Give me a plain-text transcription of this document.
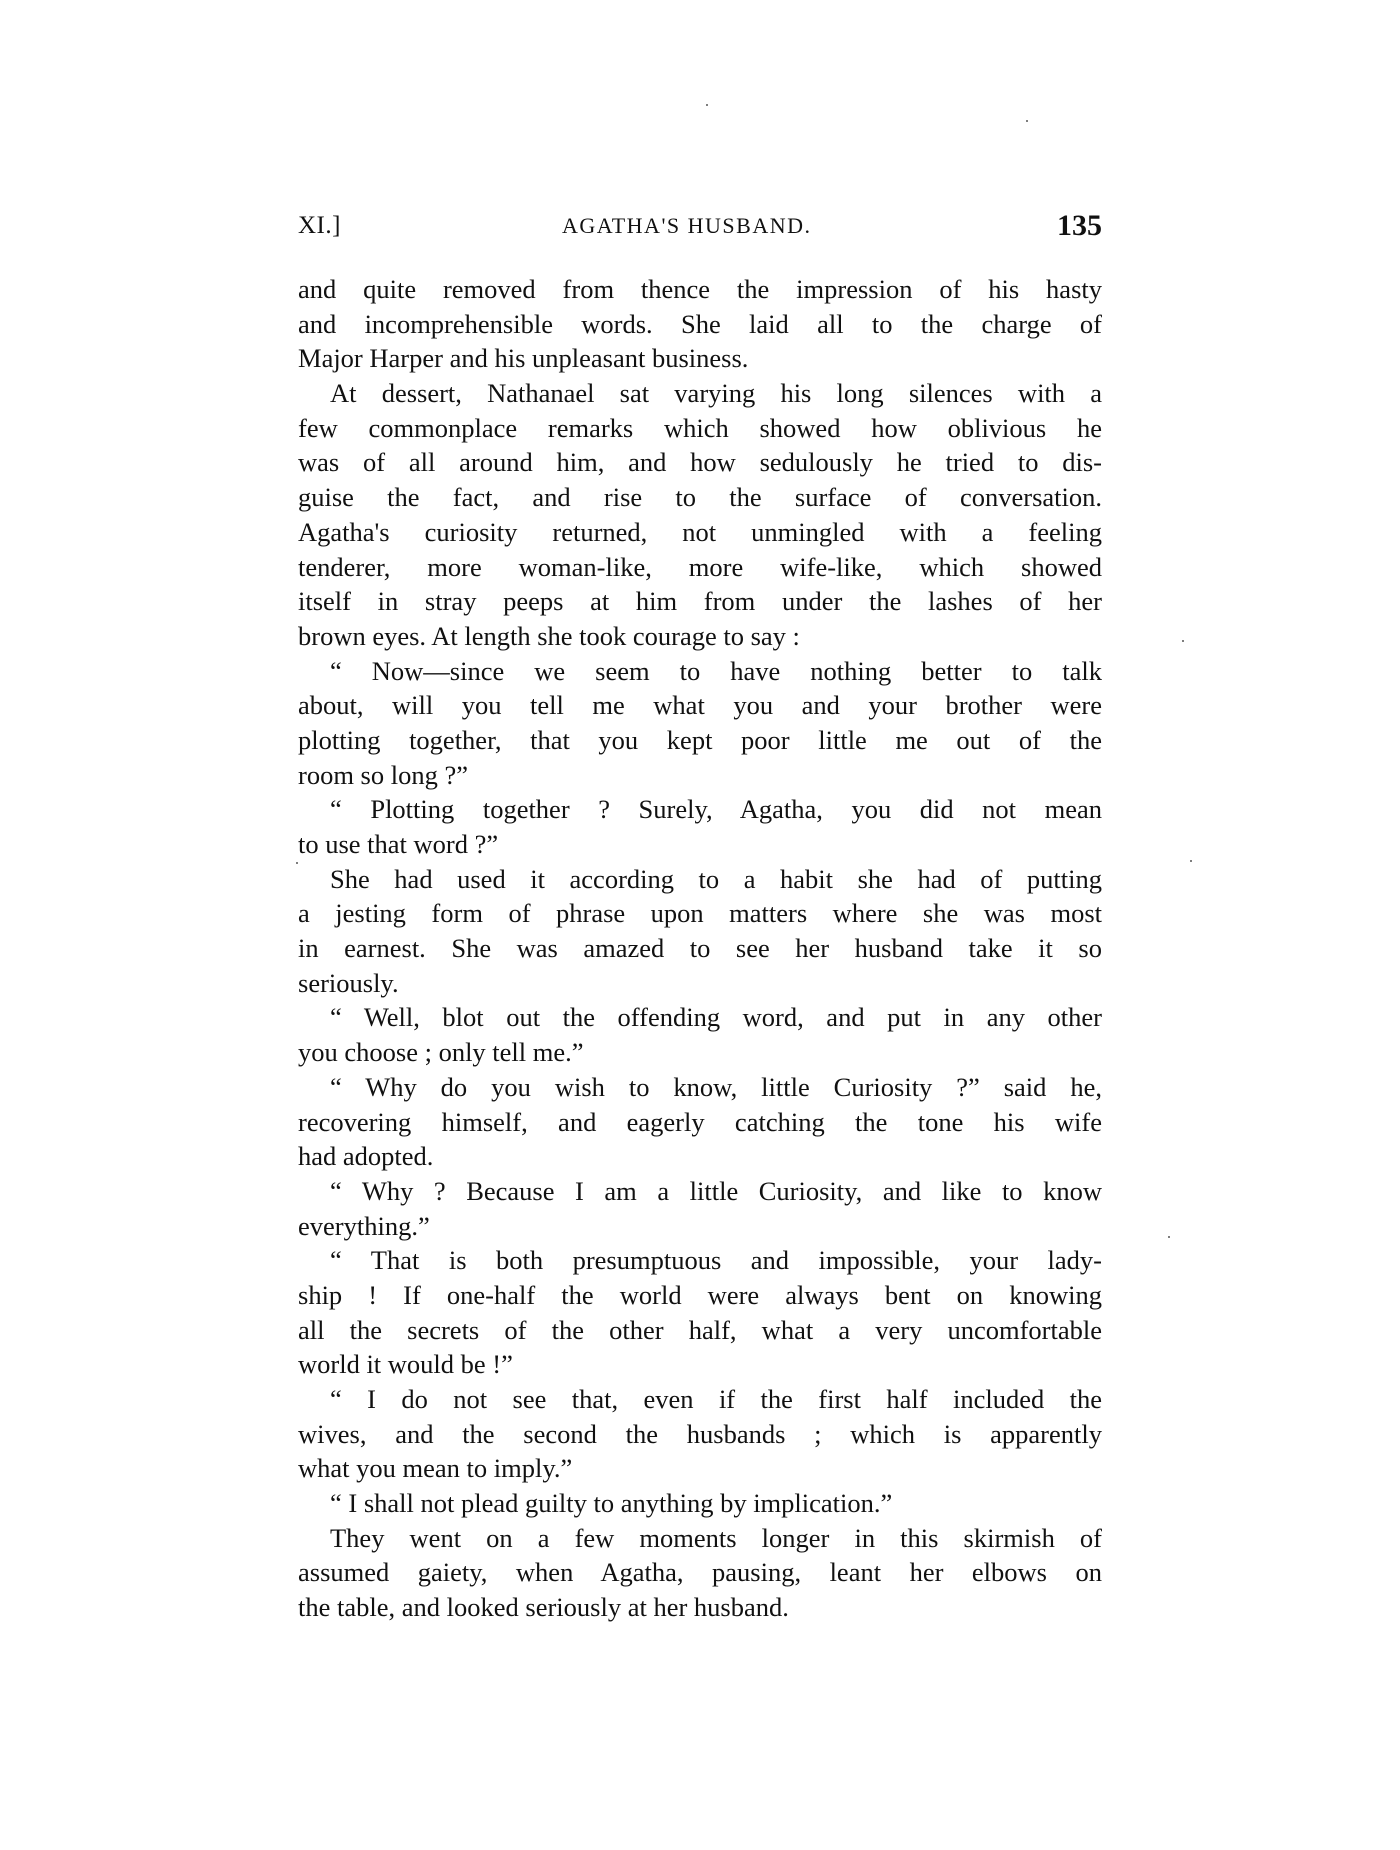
XI.]	AGATHA'S HUSBAND.	135
and quite removed from thence the impression of his hasty
and incomprehensible words. She laid all to the charge of
Major Harper and his unpleasant business.
At dessert, Nathanael sat varying his long silences with a
few commonplace remarks which showed how oblivious he
was of all around him, and how sedulously he tried to dis-
guise the fact, and rise to the surface of conversation.
Agatha's curiosity returned, not unmingled with a feeling
tenderer, more woman-like, more wife-like, which showed
itself in stray peeps at him from under the lashes of her
brown eyes. At length she took courage to say :
“ Now—since we seem to have nothing better to talk
about, will you tell me what you and your brother were
plotting together, that you kept poor little me out of the
room so long ?”
“ Plotting together ? Surely, Agatha, you did not mean
to use that word ?”
She had used it according to a habit she had of putting
a jesting form of phrase upon matters where she was most
in earnest. She was amazed to see her husband take it so
seriously.
“ Well, blot out the offending word, and put in any other
you choose ; only tell me.”
“ Why do you wish to know, little Curiosity ?” said he,
recovering himself, and eagerly catching the tone his wife
had adopted.
“ Why ? Because I am a little Curiosity, and like to know
everything.”
“ That is both presumptuous and impossible, your lady-
ship ! If one-half the world were always bent on knowing
all the secrets of the other half, what a very uncomfortable
world it would be !”
“ I do not see that, even if the first half included the
wives, and the second the husbands ; which is apparently
what you mean to imply.”
“ I shall not plead guilty to anything by implication.”
They went on a few moments longer in this skirmish of
assumed gaiety, when Agatha, pausing, leant her elbows on
the table, and looked seriously at her husband.
